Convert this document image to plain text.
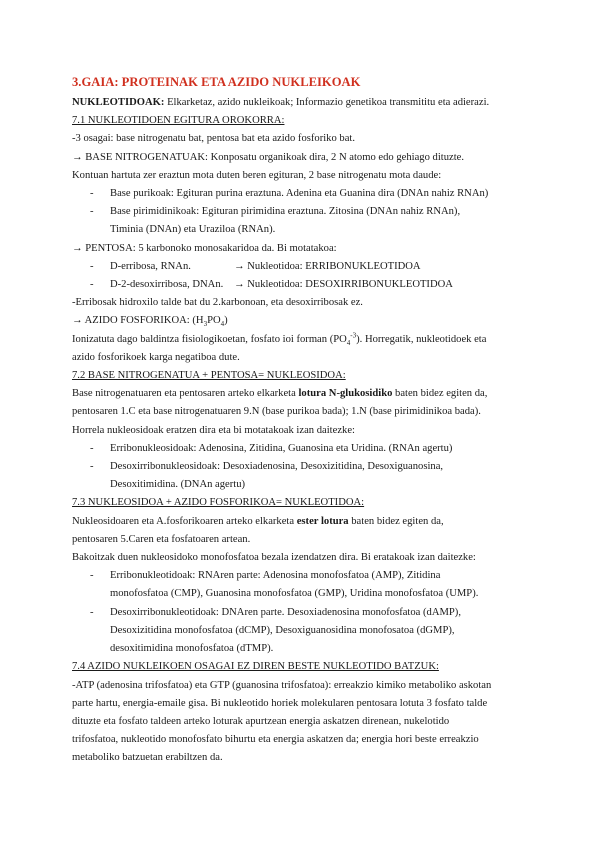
3.GAIA: PROTEINAK ETA AZIDO NUKLEIKOAK

NUKLEOTIDOAK: Elkarketaz, azido nukleikoak; Informazio genetikoa transmititu eta adierazi.

7.1 NUKLEOTIDOEN EGITURA OROKORRA:

-3 osagai: base nitrogenatu bat, pentosa bat eta azido fosforiko bat.

→ BASE NITROGENATUAK: Konposatu organikoak dira, 2 N atomo edo gehiago dituzte.

Kontuan hartuta zer eraztun mota duten beren egituran, 2 base nitrogenatu mota daude:

- Base purikoak: Egituran purina eraztuna. Adenina eta Guanina dira (DNAn nahiz RNAn)
- Base pirimidinikoak: Egituran pirimidina eraztuna. Zitosina (DNAn nahiz RNAn),
Timinia (DNAn) eta Uraziloa (RNAn).

→ PENTOSA: 5 karbonoko monosakaridoa da. Bi motatakoa:

- D-erribosa, RNAn.	→ Nukleotidoa: ERRIBONUKLEOTIDOA
- D-2-desoxirribosa, DNAn.	→ Nukleotidoa: DESOXIRRIBONUKLEOTIDOA

-Erribosak hidroxilo talde bat du 2.karbonoan, eta desoxirribosak ez.

→ AZIDO FOSFORIKOA: $(H_3PO_4)$

Ionizatuta dago baldintza fisiologikoetan, fosfato ioi forman $(PO_4^{-3})$. Horregatik, nukleotidoek eta

azido fosforikoek karga negatiboa dute.

7.2 BASE NITROGENATUA + PENTOSA= NUKLEOSIDOA:

Base nitrogenatuaren eta pentosaren arteko elkarketa lotura N-glukosidiko baten bidez egiten da,

pentosaren 1.C eta base nitrogenatuaren 9.N (base purikoa bada); 1.N (base pirimidinikoa bada).

Horrela nukleosidoak eratzen dira eta bi motatakoak izan daitezke:

- Erribonukleosidoak: Adenosina, Zitidina, Guanosina eta Uridina. (RNAn agertu)
- Desoxirribonukleosidoak: Desoxiadenosina, Desoxizitidina, Desoxiguanosina,
Desoxitimidina. (DNAn agertu)

7.3 NUKLEOSIDOA + AZIDO FOSFORIKOA= NUKLEOTIDOA:

Nukleosidoaren eta A.fosforikoaren arteko elkarketa ester lotura baten bidez egiten da,

pentosaren 5.Caren eta fosfatoaren artean.

Bakoitzak duen nukleosidoko monofosfatoa bezala izendatzen dira. Bi eratakoak izan daitezke:

- Erribonukleotidoak: RNAren parte: Adenosina monofosfatoa (AMP), Zitidina
monofosfatoa (CMP), Guanosina monofosfatoa (GMP), Uridina monofosfatoa (UMP).
- Desoxirribonukleotidoak: DNAren parte. Desoxiadenosina monofosfatoa (dAMP),
Desoxizitidina monofosfatoa (dCMP), Desoxiguanosidina monofosatoa (dGMP),
desoxitimidina monofosfatoa (dTMP).

7.4 AZIDO NUKLEIKOEN OSAGAI EZ DIREN BESTE NUKLEOTIDO BATZUK:

-ATP (adenosina trifosfatoa) eta GTP (guanosina trifosfatoa): erreakzio kimiko metaboliko askotan

parte hartu, energia-emaile gisa. Bi nukleotido horiek molekularen pentosara lotuta 3 fosfato talde

dituzte eta fosfato taldeen arteko loturak apurtzean energia askatzen direnean, nukelotido

trifosfatoa, nukleotido monofosfato bihurtu eta energia askatzen da; energia hori beste erreakzio

metaboliko batzuetan erabiltzen da.
